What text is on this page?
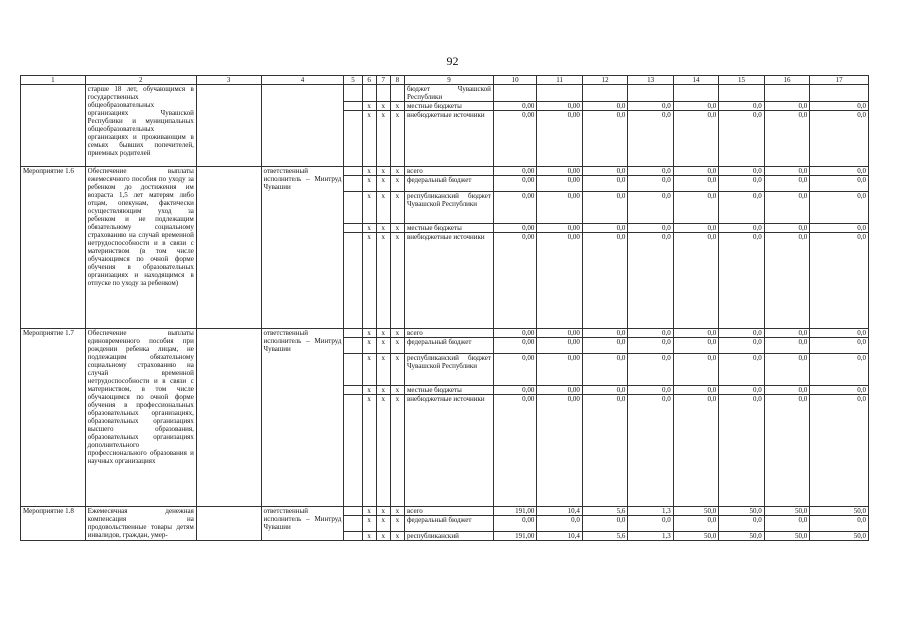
92
1	2	3	4	5	6	7	8	9	10	11	12	13	14	15	16	17
	старше 18 лет, обучающимся в государственных общеобразовательных организациях Чувашской Республики и муниципальных общеобразовательных организациях и проживающим в семьях бывших попечителей, приемных родителей							бюджет Чувашской Республики								
					x	x	x	местные бюджеты	0,00	0,00	0,0	0,0	0,0	0,0	0,0	0,0
					x	x	x	внебюджетные источники	0,00	0,00	0,0	0,0	0,0	0,0	0,0	0,0
Мероприятие 1.6	Обеспечение выплаты ежемесячного пособия по уходу за ребенком до достижения им возраста 1,5 лет матерям либо отцам, опекунам, фактически осуществляющим уход за ребенком и не подлежащим обязательному социальному страхованию на случай временной нетрудоспособности и в связи с материнством (в том числе обучающимся по очной форме обучения в образовательных организациях и находящимся в отпуске по уходу за ребенком)		ответственный исполнитель – Минтруд Чувашии		x	x	x	всего	0,00	0,00	0,0	0,0	0,0	0,0	0,0	0,0
					x	x	x	федеральный бюджет	0,00	0,00	0,0	0,0	0,0	0,0	0,0	0,0
					x	x	x	республиканский бюджет Чувашской Республики	0,00	0,00	0,0	0,0	0,0	0,0	0,0	0,0
					x	x	x	местные бюджеты	0,00	0,00	0,0	0,0	0,0	0,0	0,0	0,0
					x	x	x	внебюджетные источники	0,00	0,00	0,0	0,0	0,0	0,0	0,0	0,0
Мероприятие 1.7	Обеспечение выплаты единовременного пособия при рождении ребенка лицам, не подлежащим обязательному социальному страхованию на случай временной нетрудоспособности и в связи с материнством, в том числе обучающимся по очной форме обучения в профессиональных образовательных организациях, образовательных организациях высшего образования, образовательных организациях дополнительного профессионального образования и научных организациях		ответственный исполнитель – Минтруд Чувашии		x	x	x	всего	0,00	0,00	0,0	0,0	0,0	0,0	0,0	0,0
					x	x	x	федеральный бюджет	0,00	0,00	0,0	0,0	0,0	0,0	0,0	0,0
					x	x	x	республиканский бюджет Чувашской Республики	0,00	0,00	0,0	0,0	0,0	0,0	0,0	0,0
					x	x	x	местные бюджеты	0,00	0,00	0,0	0,0	0,0	0,0	0,0	0,0
					x	x	x	внебюджетные источники	0,00	0,00	0,0	0,0	0,0	0,0	0,0	0,0
Мероприятие 1.8	Ежемесячная денежная компенсация на продовольственные товары детям инвалидов, граждан, умер-		ответственный исполнитель – Минтруд Чувашии		x	x	x	всего	191,00	10,4	5,6	1,3	50,0	50,0	50,0	50,0
					x	x	x	федеральный бюджет	0,00	0,0	0,0	0,0	0,0	0,0	0,0	0,0
					x	x	x	республиканский	191,00	10,4	5,6	1,3	50,0	50,0	50,0	50,0
